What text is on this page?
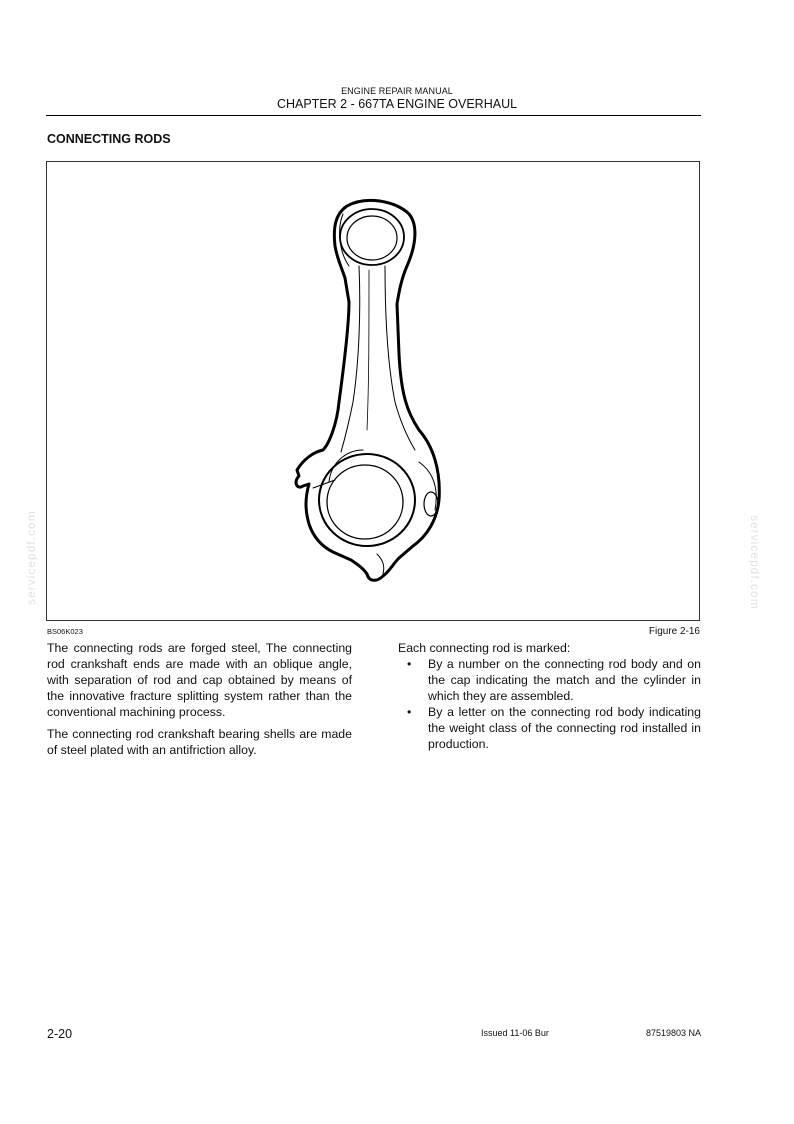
ENGINE REPAIR MANUAL
CHAPTER 2 - 667TA ENGINE OVERHAUL
CONNECTING RODS
BS06K023	Figure 2-16

The connecting rods are forged steel, The connecting rod crankshaft ends are made with an oblique angle, with separation of rod and cap obtained by means of the innovative fracture splitting system rather than the conventional machining process.

The connecting rod crankshaft bearing shells are made of steel plated with an antifriction alloy.

Each connecting rod is marked:
• By a number on the connecting rod body and on the cap indicating the match and the cylinder in which they are assembled.
• By a letter on the connecting rod body indicating the weight class of the connecting rod installed in production.
servicepdf.com	servicepdf.com
2-20	Issued 11-06 Bur	87519803 NA
